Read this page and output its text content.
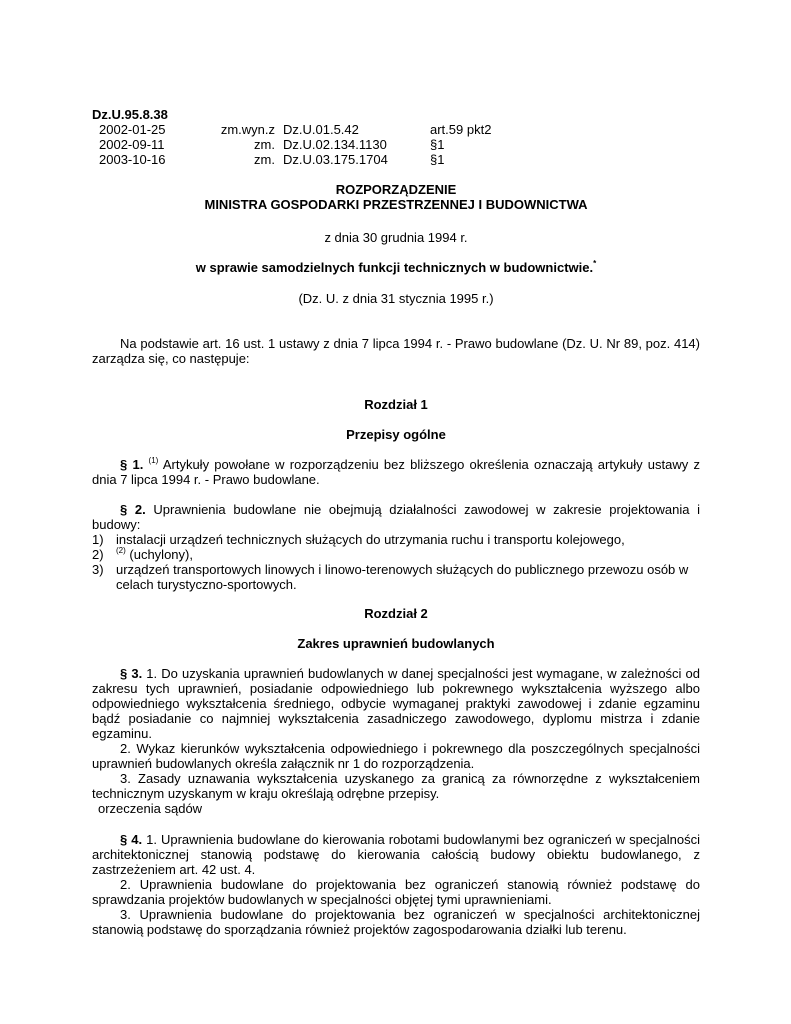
Dz.U.95.8.38
2002-01-25	zm.wyn.z Dz.U.01.5.42	art.59 pkt2
2002-09-11	zm. Dz.U.02.134.1130	§1
2003-10-16	zm. Dz.U.03.175.1704	§1
ROZPORZĄDZENIE
MINISTRA GOSPODARKI PRZESTRZENNEJ I BUDOWNICTWA
z dnia 30 grudnia 1994 r.
w sprawie samodzielnych funkcji technicznych w budownictwie.*
(Dz. U. z dnia 31 stycznia 1995 r.)

Na podstawie art. 16 ust. 1 ustawy z dnia 7 lipca 1994 r. - Prawo budowlane (Dz. U. Nr 89, poz. 414) zarządza się, co następuje:

Rozdział 1
Przepisy ogólne

§ 1. $^{(1)}$ Artykuły powołane w rozporządzeniu bez bliższego określenia oznaczają artykuły ustawy z dnia 7 lipca 1994 r. - Prawo budowlane.

§ 2. Uprawnienia budowlane nie obejmują działalności zawodowej w zakresie projektowania i budowy:

1) instalacji urządzeń technicznych służących do utrzymania ruchu i transportu kolejowego,
2)	$^{(2)}$ (uchylony),
3) urządzeń transportowych linowych i linowo-terenowych służących do publicznego przewozu osób w celach turystyczno-sportowych.
Rozdział 2
Zakres uprawnień budowlanych

§ 3. 1. Do uzyskania uprawnień budowlanych w danej specjalności jest wymagane, w zależności od zakresu tych uprawnień, posiadanie odpowiedniego lub pokrewnego wykształcenia wyższego albo odpowiedniego wykształcenia średniego, odbycie wymaganej praktyki zawodowej i zdanie egzaminu bądź posiadanie co najmniej wykształcenia zasadniczego zawodowego, dyplomu mistrza i zdanie egzaminu.

2. Wykaz kierunków wykształcenia odpowiedniego i pokrewnego dla poszczególnych specjalności uprawnień budowlanych określa załącznik nr 1 do rozporządzenia.

3. Zasady uznawania wykształcenia uzyskanego za granicą za równorzędne z wykształceniem technicznym uzyskanym w kraju określają odrębne przepisy.

orzeczenia sądów

§ 4. 1. Uprawnienia budowlane do kierowania robotami budowlanymi bez ograniczeń w specjalności architektonicznej stanowią podstawę do kierowania całością budowy obiektu budowlanego, z zastrzeżeniem art. 42 ust. 4.

2. Uprawnienia budowlane do projektowania bez ograniczeń stanowią również podstawę do sprawdzania projektów budowlanych w specjalności objętej tymi uprawnieniami.

3. Uprawnienia budowlane do projektowania bez ograniczeń w specjalności architektonicznej stanowią podstawę do sporządzania również projektów zagospodarowania działki lub terenu.
